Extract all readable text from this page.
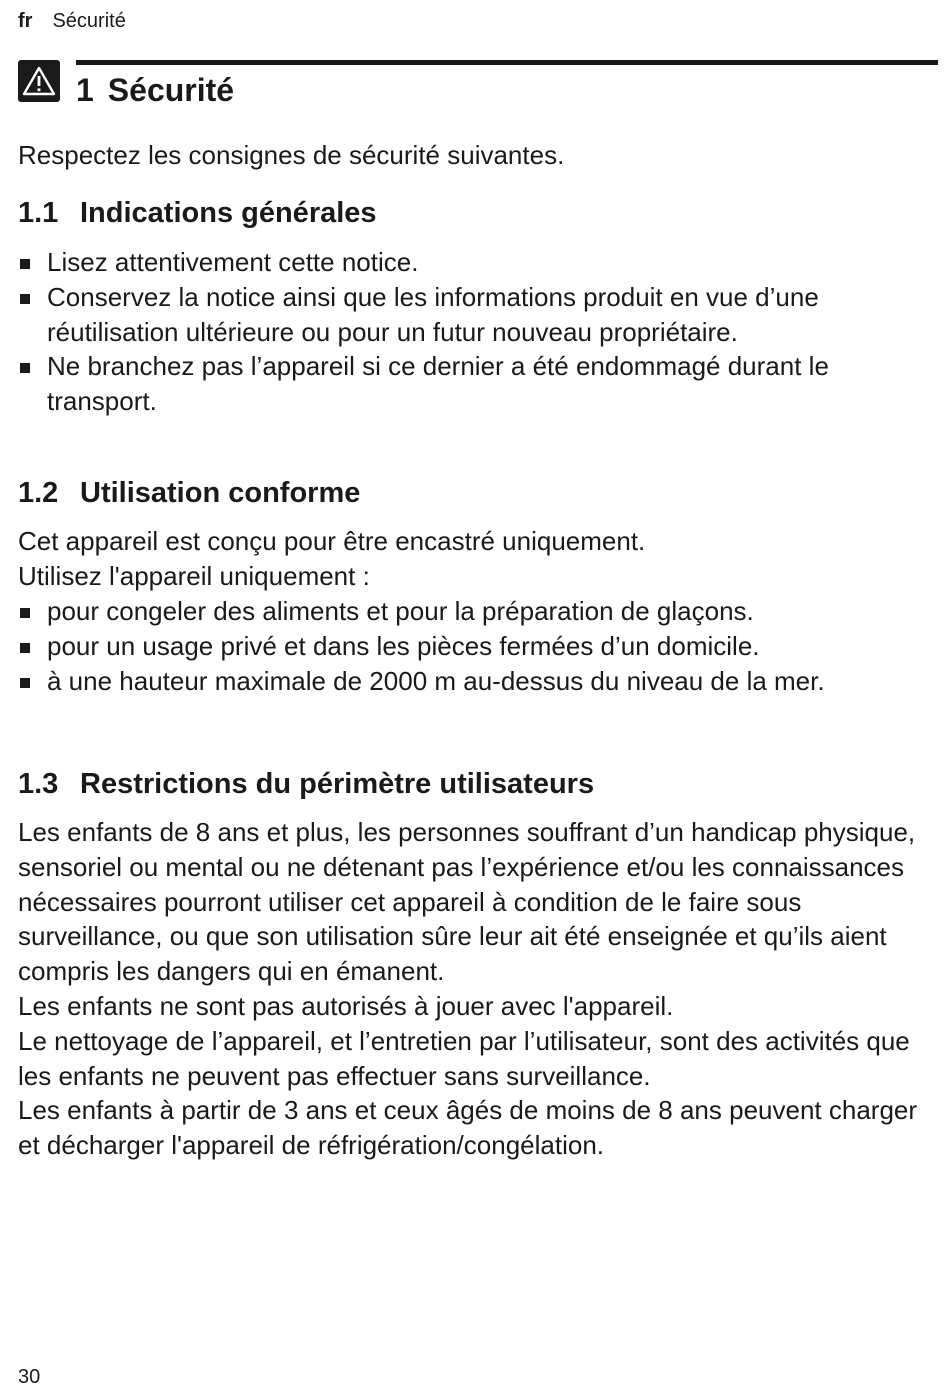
fr Sécurité
1 Sécurité

Respectez les consignes de sécurité suivantes.

1.1 Indications générales
Lisez attentivement cette notice.
Conservez la notice ainsi que les informations produit en vue d’une réutilisation ultérieure ou pour un futur nouveau propriétaire.
Ne branchez pas l’appareil si ce dernier a été endommagé durant le transport.
1.2 Utilisation conforme

Cet appareil est conçu pour être encastré uniquement.

Utilisez l'appareil uniquement :

pour congeler des aliments et pour la préparation de glaçons.
pour un usage privé et dans les pièces fermées d’un domicile.
à une hauteur maximale de 2000 m au-dessus du niveau de la mer.
1.3 Restrictions du périmètre utilisateurs

Les enfants de 8 ans et plus, les personnes souffrant d’un handicap physique, sensoriel ou mental ou ne détenant pas l’expérience et/ou les connaissances nécessaires pourront utiliser cet appareil à condition de le faire sous surveillance, ou que son utilisation sûre leur ait été enseignée et qu’ils aient compris les dangers qui en émanent.

Les enfants ne sont pas autorisés à jouer avec l'appareil.

Le nettoyage de l’appareil, et l’entretien par l’utilisateur, sont des activités que les enfants ne peuvent pas effectuer sans surveillance.

Les enfants à partir de 3 ans et ceux âgés de moins de 8 ans peuvent charger et décharger l'appareil de réfrigération/congélation.

30
